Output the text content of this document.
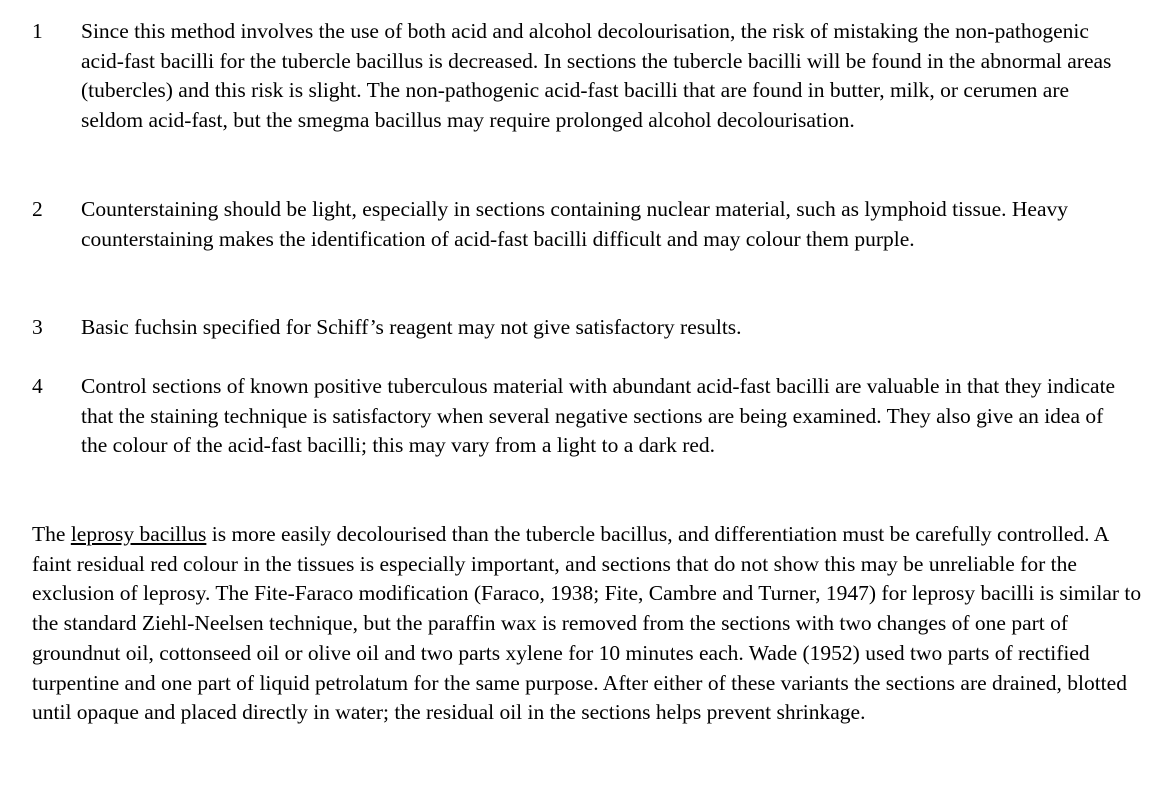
1	Since this method involves the use of both acid and alcohol decolourisation, the risk of mistaking the non-pathogenic acid-fast bacilli for the tubercle bacillus is decreased. In sections the tubercle bacilli will be found in the abnormal areas (tubercles) and this risk is slight. The non-pathogenic acid-fast bacilli that are found in butter, milk, or cerumen are seldom acid-fast, but the smegma bacillus may require prolonged alcohol decolourisation.
2	Counterstaining should be light, especially in sections containing nuclear material, such as lymphoid tissue. Heavy counterstaining makes the identification of acid-fast bacilli difficult and may colour them purple.
3	Basic fuchsin specified for Schiff’s reagent may not give satisfactory results.
4	Control sections of known positive tuberculous material with abundant acid-fast bacilli are valuable in that they indicate that the staining technique is satisfactory when several negative sections are being examined. They also give an idea of the colour of the acid-fast bacilli; this may vary from a light to a dark red.
The leprosy bacillus is more easily decolourised than the tubercle bacillus, and differentiation must be carefully controlled. A faint residual red colour in the tissues is especially important, and sections that do not show this may be unreliable for the exclusion of leprosy. The Fite-Faraco modification (Faraco, 1938; Fite, Cambre and Turner, 1947) for leprosy bacilli is similar to the standard Ziehl-Neelsen technique, but the paraffin wax is removed from the sections with two changes of one part of groundnut oil, cottonseed oil or olive oil and two parts xylene for 10 minutes each. Wade (1952) used two parts of rectified turpentine and one part of liquid petrolatum for the same purpose. After either of these variants the sections are drained, blotted until opaque and placed directly in water; the residual oil in the sections helps prevent shrinkage.
